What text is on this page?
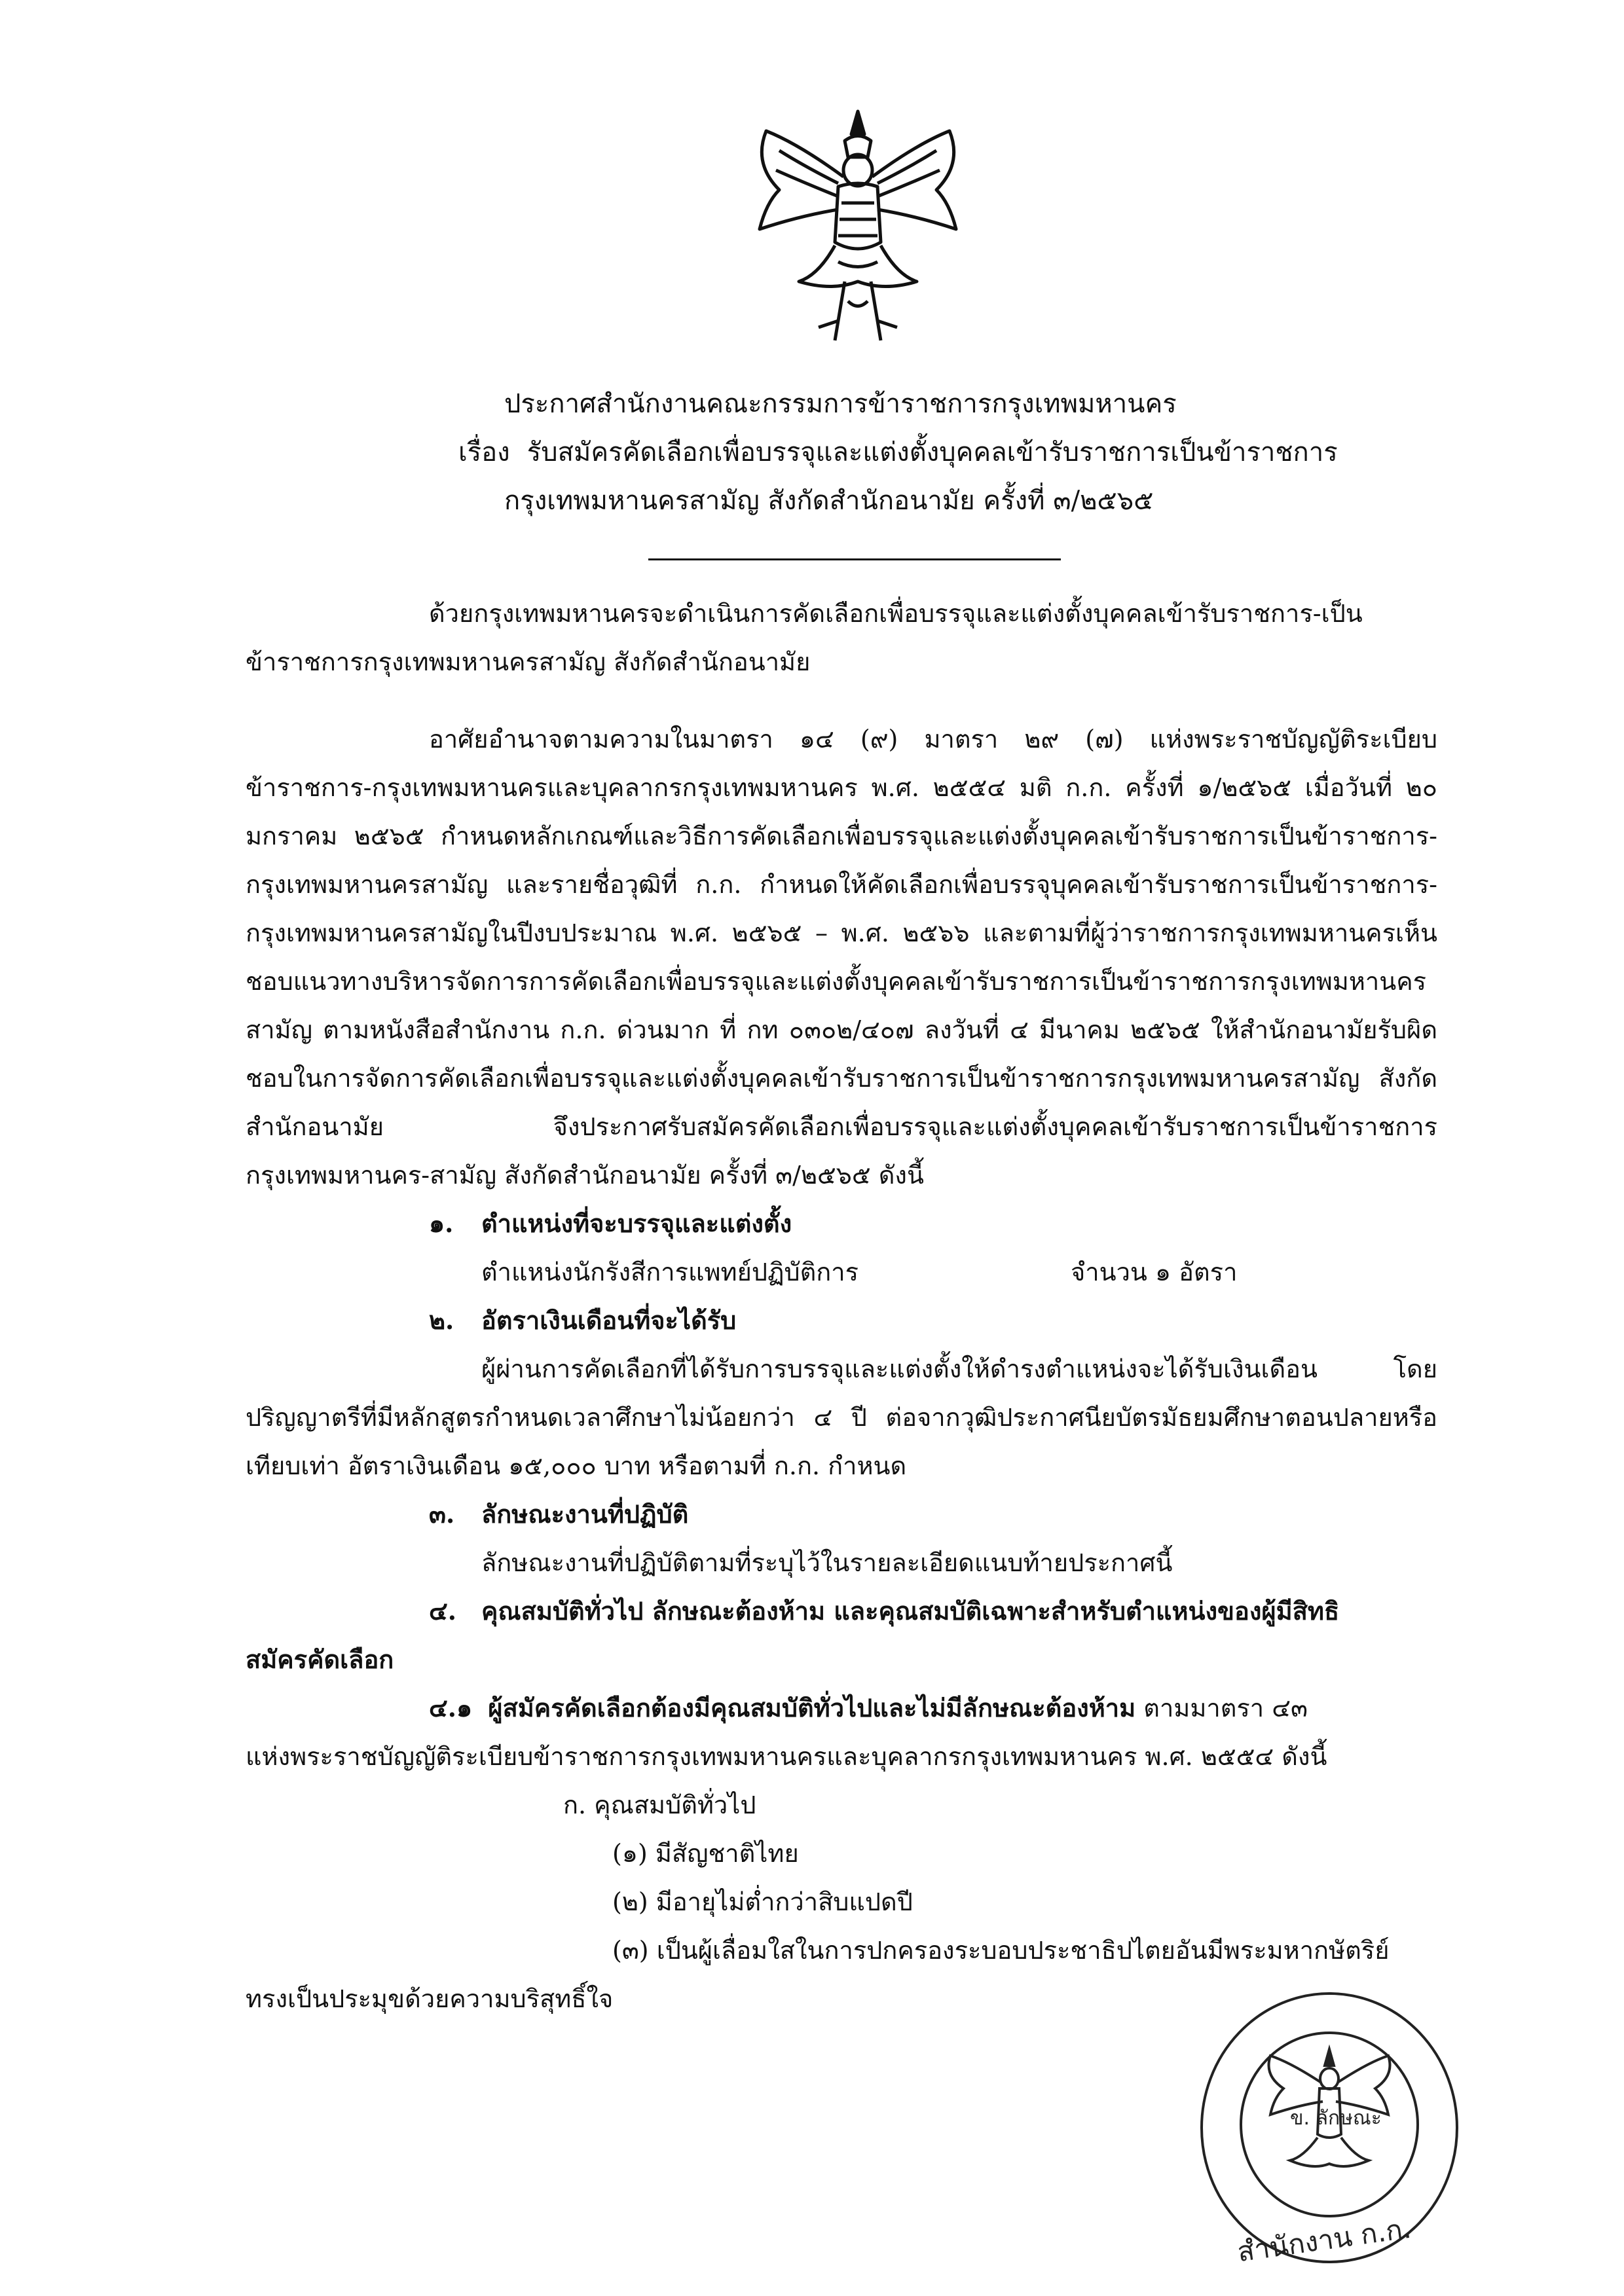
ประกาศสำนักงานคณะกรรมการข้าราชการกรุงเทพมหานคร
เรื่อง รับสมัครคัดเลือกเพื่อบรรจุและแต่งตั้งบุคคลเข้ารับราชการเป็นข้าราชการ
กรุงเทพมหานครสามัญ สังกัดสำนักอนามัย ครั้งที่ ๓/๒๕๖๕

ด้วยกรุงเทพมหานครจะดำเนินการคัดเลือกเพื่อบรรจุและแต่งตั้งบุคคลเข้ารับราชการ-เป็นข้าราชการกรุงเทพมหานครสามัญ สังกัดสำนักอนามัย

อาศัยอำนาจตามความในมาตรา ๑๔ (๙) มาตรา ๒๙ (๗) แห่งพระราชบัญญัติระเบียบข้าราชการ-กรุงเทพมหานครและบุคลากรกรุงเทพมหานคร พ.ศ. ๒๕๕๔ มติ ก.ก. ครั้งที่ ๑/๒๕๖๕ เมื่อวันที่ ๒๐ มกราคม ๒๕๖๕ กำหนดหลักเกณฑ์และวิธีการคัดเลือกเพื่อบรรจุและแต่งตั้งบุคคลเข้ารับราชการเป็นข้าราชการ-กรุงเทพมหานครสามัญ และรายชื่อวุฒิที่ ก.ก. กำหนดให้คัดเลือกเพื่อบรรจุบุคคลเข้ารับราชการเป็นข้าราชการ-กรุงเทพมหานครสามัญในปีงบประมาณ พ.ศ. ๒๕๖๕ – พ.ศ. ๒๕๖๖ และตามที่ผู้ว่าราชการกรุงเทพมหานครเห็นชอบแนวทางบริหารจัดการการคัดเลือกเพื่อบรรจุและแต่งตั้งบุคคลเข้ารับราชการเป็นข้าราชการกรุงเทพมหานครสามัญ ตามหนังสือสำนักงาน ก.ก. ด่วนมาก ที่ กท ๐๓๐๒/๔๐๗ ลงวันที่ ๔ มีนาคม ๒๕๖๕ ให้สำนักอนามัยรับผิดชอบในการจัดการคัดเลือกเพื่อบรรจุและแต่งตั้งบุคคลเข้ารับราชการเป็นข้าราชการกรุงเทพมหานครสามัญ สังกัดสำนักอนามัย จึงประกาศรับสมัครคัดเลือกเพื่อบรรจุและแต่งตั้งบุคคลเข้ารับราชการเป็นข้าราชการกรุงเทพมหานคร-สามัญ สังกัดสำนักอนามัย ครั้งที่ ๓/๒๕๖๕ ดังนี้

๑. ตำแหน่งที่จะบรรจุและแต่งตั้ง

ตำแหน่งนักรังสีการแพทย์ปฏิบัติการ	จำนวน ๑ อัตรา

๒. อัตราเงินเดือนที่จะได้รับ

ผู้ผ่านการคัดเลือกที่ได้รับการบรรจุและแต่งตั้งให้ดำรงตำแหน่งจะได้รับเงินเดือน โดยปริญญาตรีที่มีหลักสูตรกำหนดเวลาศึกษาไม่น้อยกว่า ๔ ปี ต่อจากวุฒิประกาศนียบัตรมัธยมศึกษาตอนปลายหรือเทียบเท่า อัตราเงินเดือน ๑๕,๐๐๐ บาท หรือตามที่ ก.ก. กำหนด

๓. ลักษณะงานที่ปฏิบัติ

ลักษณะงานที่ปฏิบัติตามที่ระบุไว้ในรายละเอียดแนบท้ายประกาศนี้

๔. คุณสมบัติทั่วไป ลักษณะต้องห้าม และคุณสมบัติเฉพาะสำหรับตำแหน่งของผู้มีสิทธิ

สมัครคัดเลือก

๔.๑ ผู้สมัครคัดเลือกต้องมีคุณสมบัติทั่วไปและไม่มีลักษณะต้องห้าม ตามมาตรา ๔๓

แห่งพระราชบัญญัติระเบียบข้าราชการกรุงเทพมหานครและบุคลากรกรุงเทพมหานคร พ.ศ. ๒๕๕๔ ดังนี้

ก. คุณสมบัติทั่วไป

(๑) มีสัญชาติไทย

(๒) มีอายุไม่ต่ำกว่าสิบแปดปี

(๓) เป็นผู้เลื่อมใสในการปกครองระบอบประชาธิปไตยอันมีพระมหากษัตริย์

ทรงเป็นประมุขด้วยความบริสุทธิ์ใจ

ข. ลักษณะ
สำนักงาน ก.ก.
